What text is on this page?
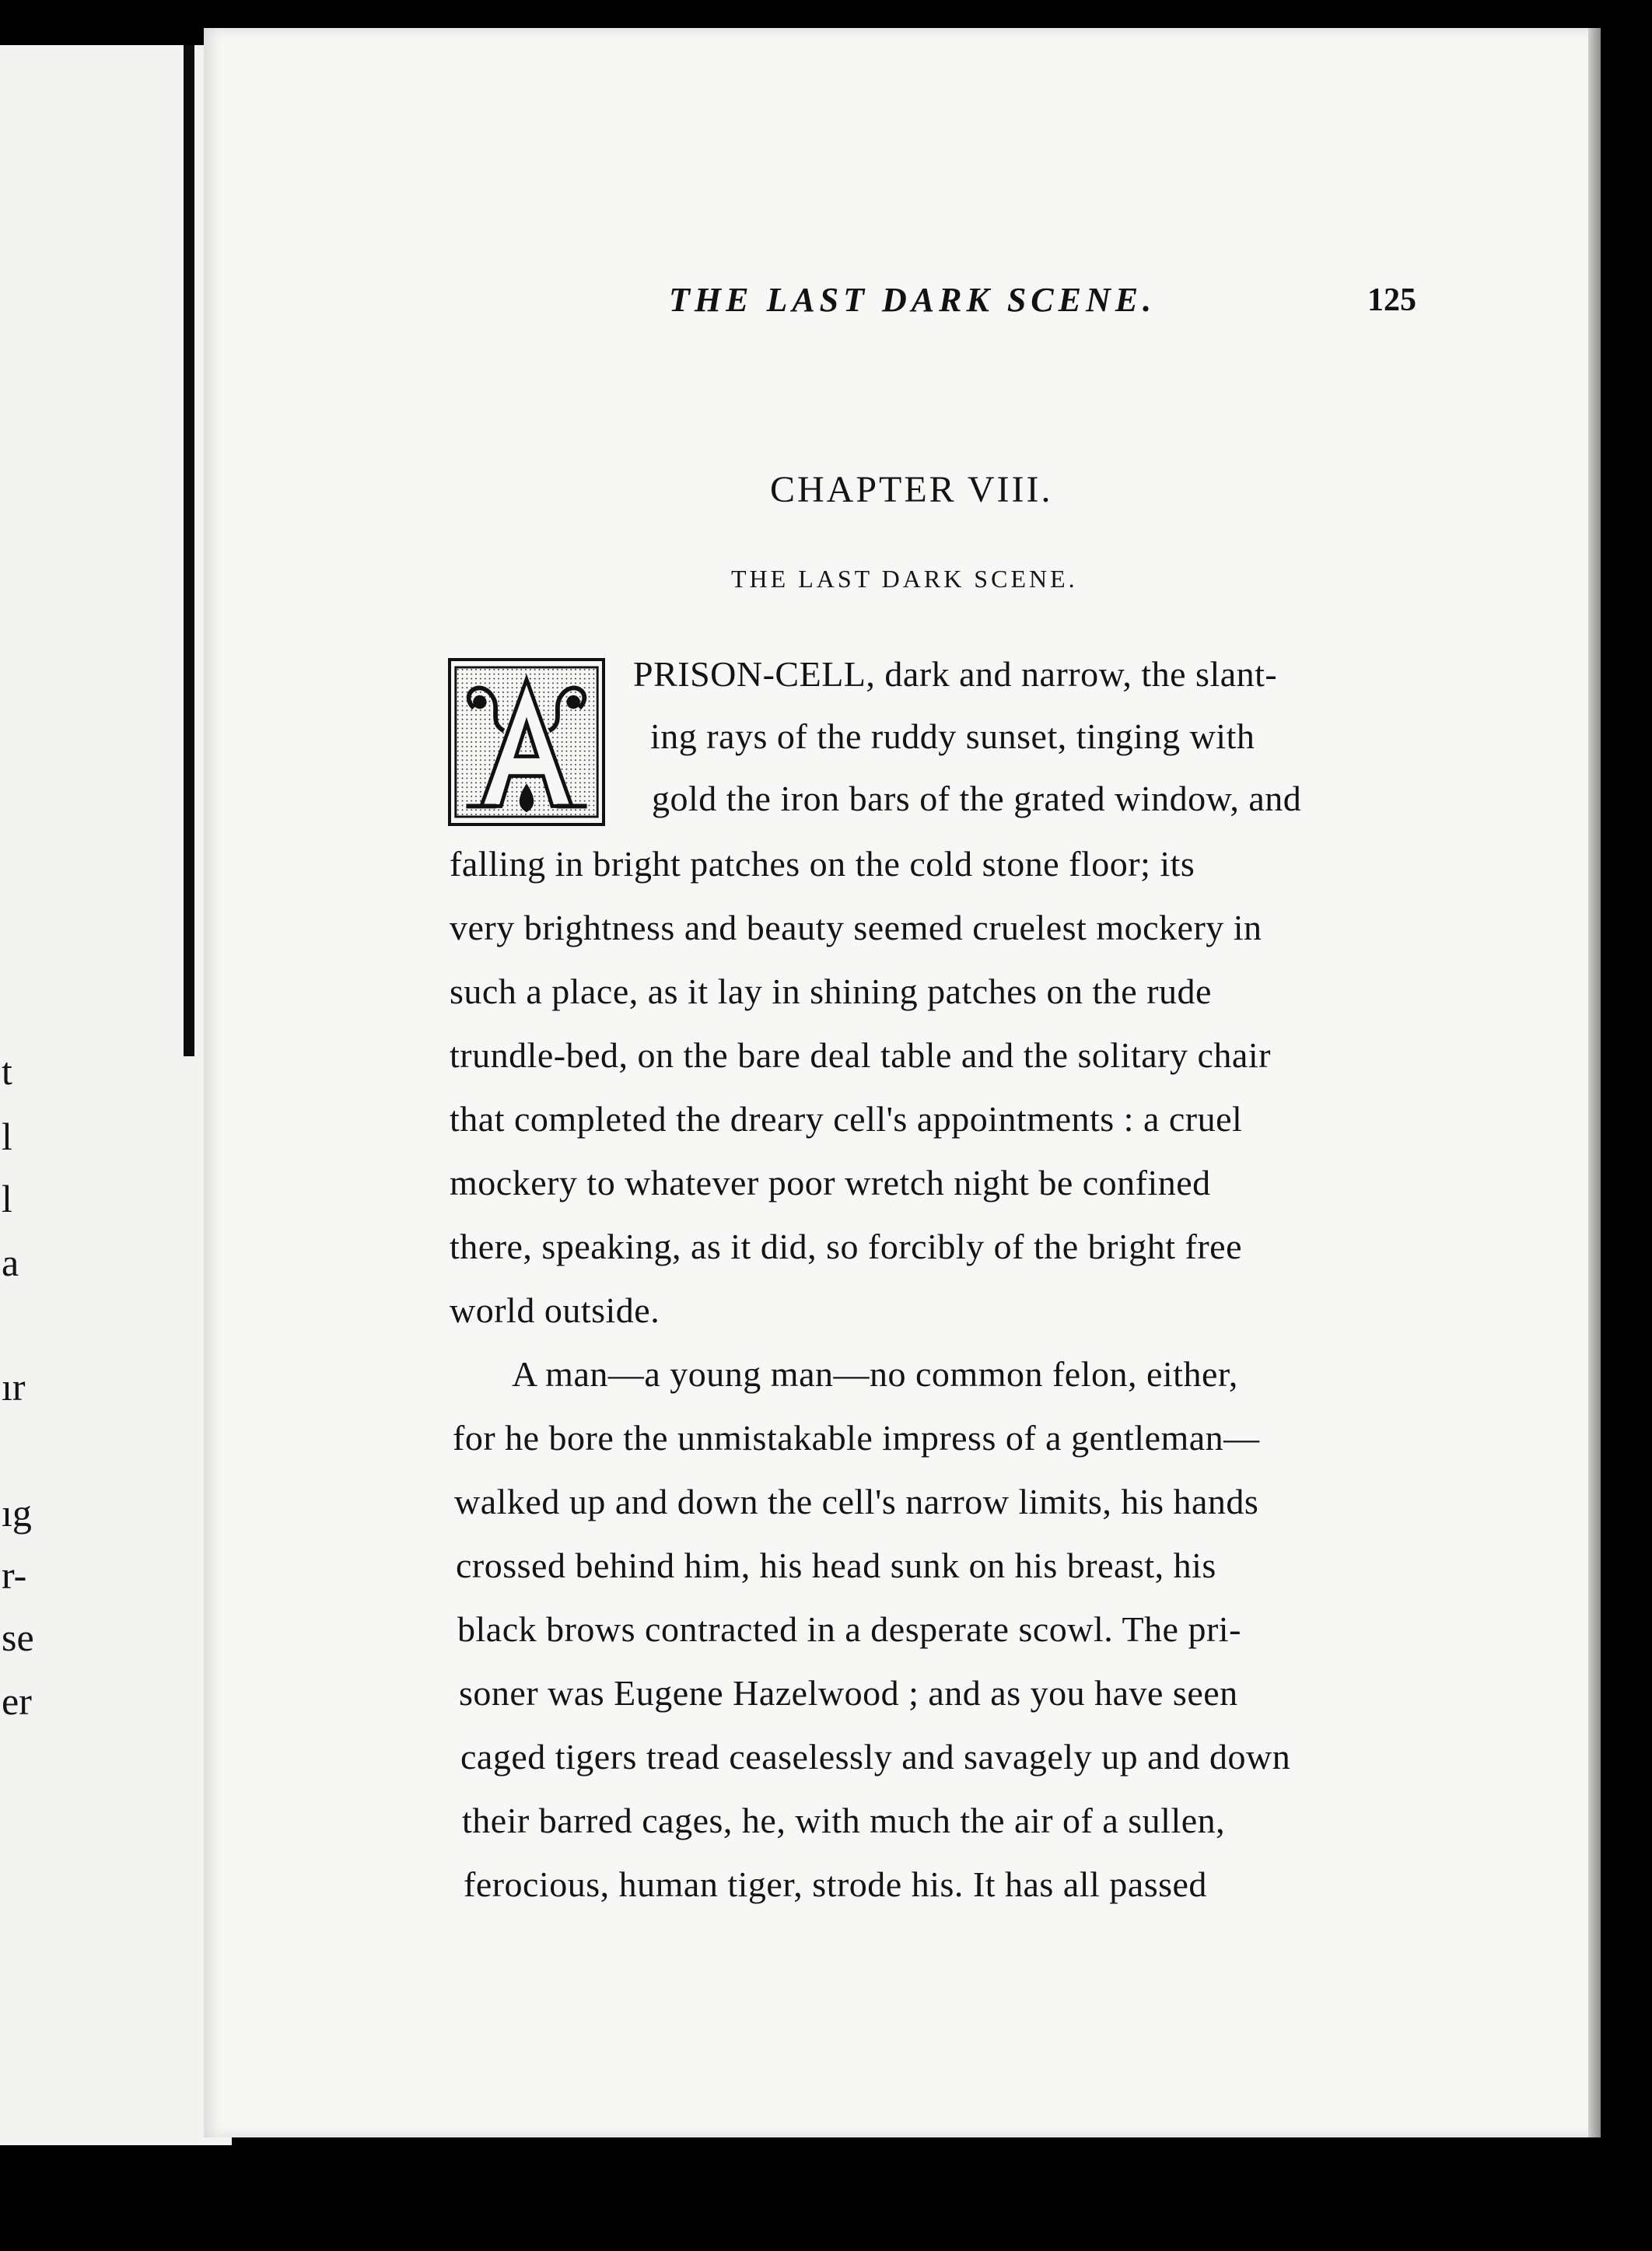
t
l
l
a
ır
ıg
r-
se
er
THE LAST DARK SCENE.	125
CHAPTER VIII.
THE LAST DARK SCENE.
PRISON-CELL, dark and narrow, the slant-
ing rays of the ruddy sunset, tinging with
gold the iron bars of the grated window, and
falling in bright patches on the cold stone floor; its
very brightness and beauty seemed cruelest mockery in
such a place, as it lay in shining patches on the rude
trundle-bed, on the bare deal table and the solitary chair
that completed the dreary cell's appointments : a cruel
mockery to whatever poor wretch night be confined
there, speaking, as it did, so forcibly of the bright free
world outside.
A man—a young man—no common felon, either,
for he bore the unmistakable impress of a gentleman—
walked up and down the cell's narrow limits, his hands
crossed behind him, his head sunk on his breast, his
black brows contracted in a desperate scowl. The pri-
soner was Eugene Hazelwood ; and as you have seen
caged tigers tread ceaselessly and savagely up and down
their barred cages, he, with much the air of a sullen,
ferocious, human tiger, strode his. It has all passed
